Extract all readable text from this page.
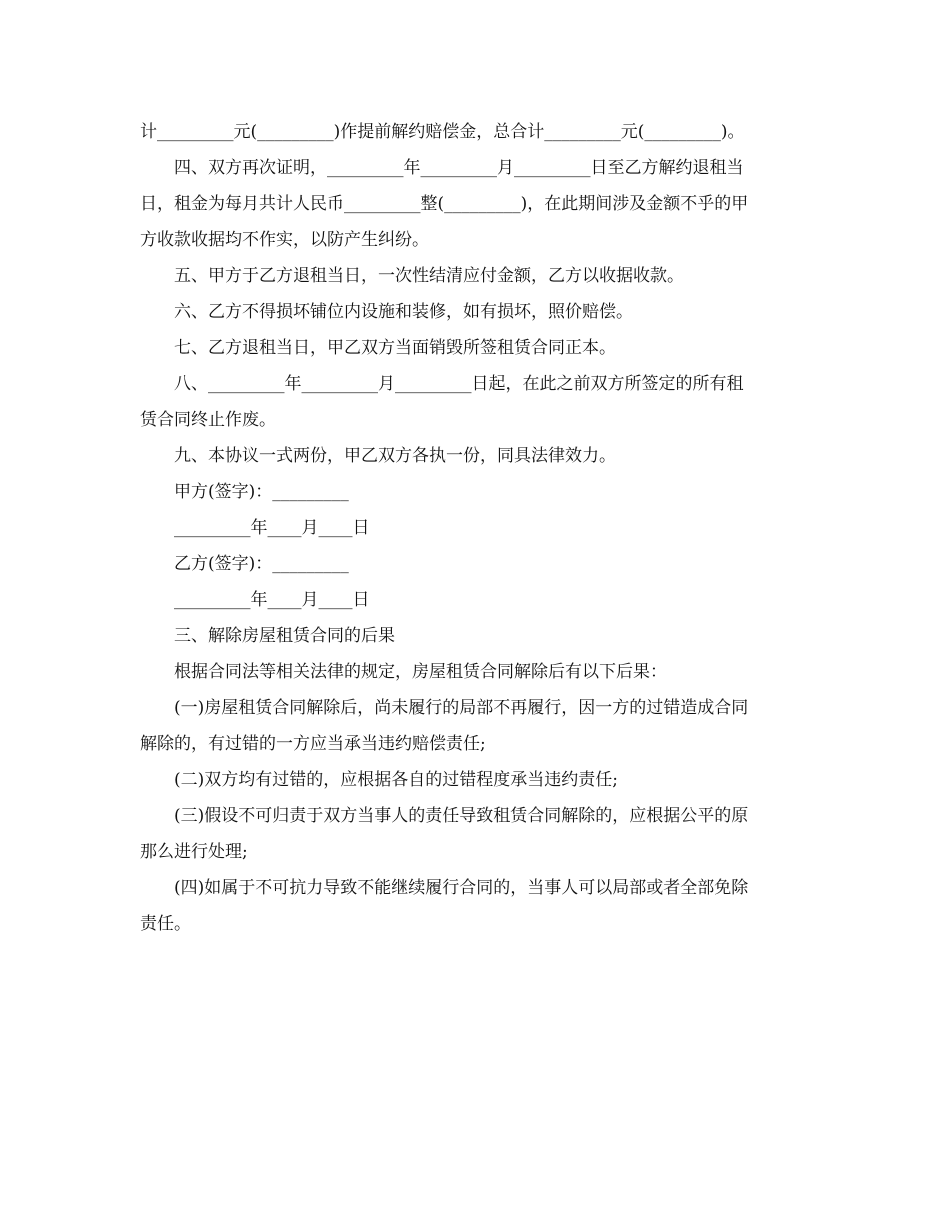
计_________元(_________)作提前解约赔偿金，总合计_________元(_________)。
四、双方再次证明，_________年_________月_________日至乙方解约退租当
日，租金为每月共计人民币_________整(_________)，在此期间涉及金额不乎的甲
方收款收据均不作实，以防产生纠纷。
五、甲方于乙方退租当日，一次性结清应付金额，乙方以收据收款。
六、乙方不得损坏铺位内设施和装修，如有损坏，照价赔偿。
七、乙方退租当日，甲乙双方当面销毁所签租赁合同正本。
八、_________年_________月_________日起，在此之前双方所签定的所有租
赁合同终止作废。
九、本协议一式两份，甲乙双方各执一份，同具法律效力。
甲方(签字)：_________
_________年____月____日
乙方(签字)：_________
_________年____月____日
三、解除房屋租赁合同的后果
根据合同法等相关法律的规定，房屋租赁合同解除后有以下后果：
(一)房屋租赁合同解除后，尚未履行的局部不再履行，因一方的过错造成合同
解除的，有过错的一方应当承当违约赔偿责任;
(二)双方均有过错的，应根据各自的过错程度承当违约责任;
(三)假设不可归责于双方当事人的责任导致租赁合同解除的，应根据公平的原
那么进行处理;
(四)如属于不可抗力导致不能继续履行合同的，当事人可以局部或者全部免除
责任。
